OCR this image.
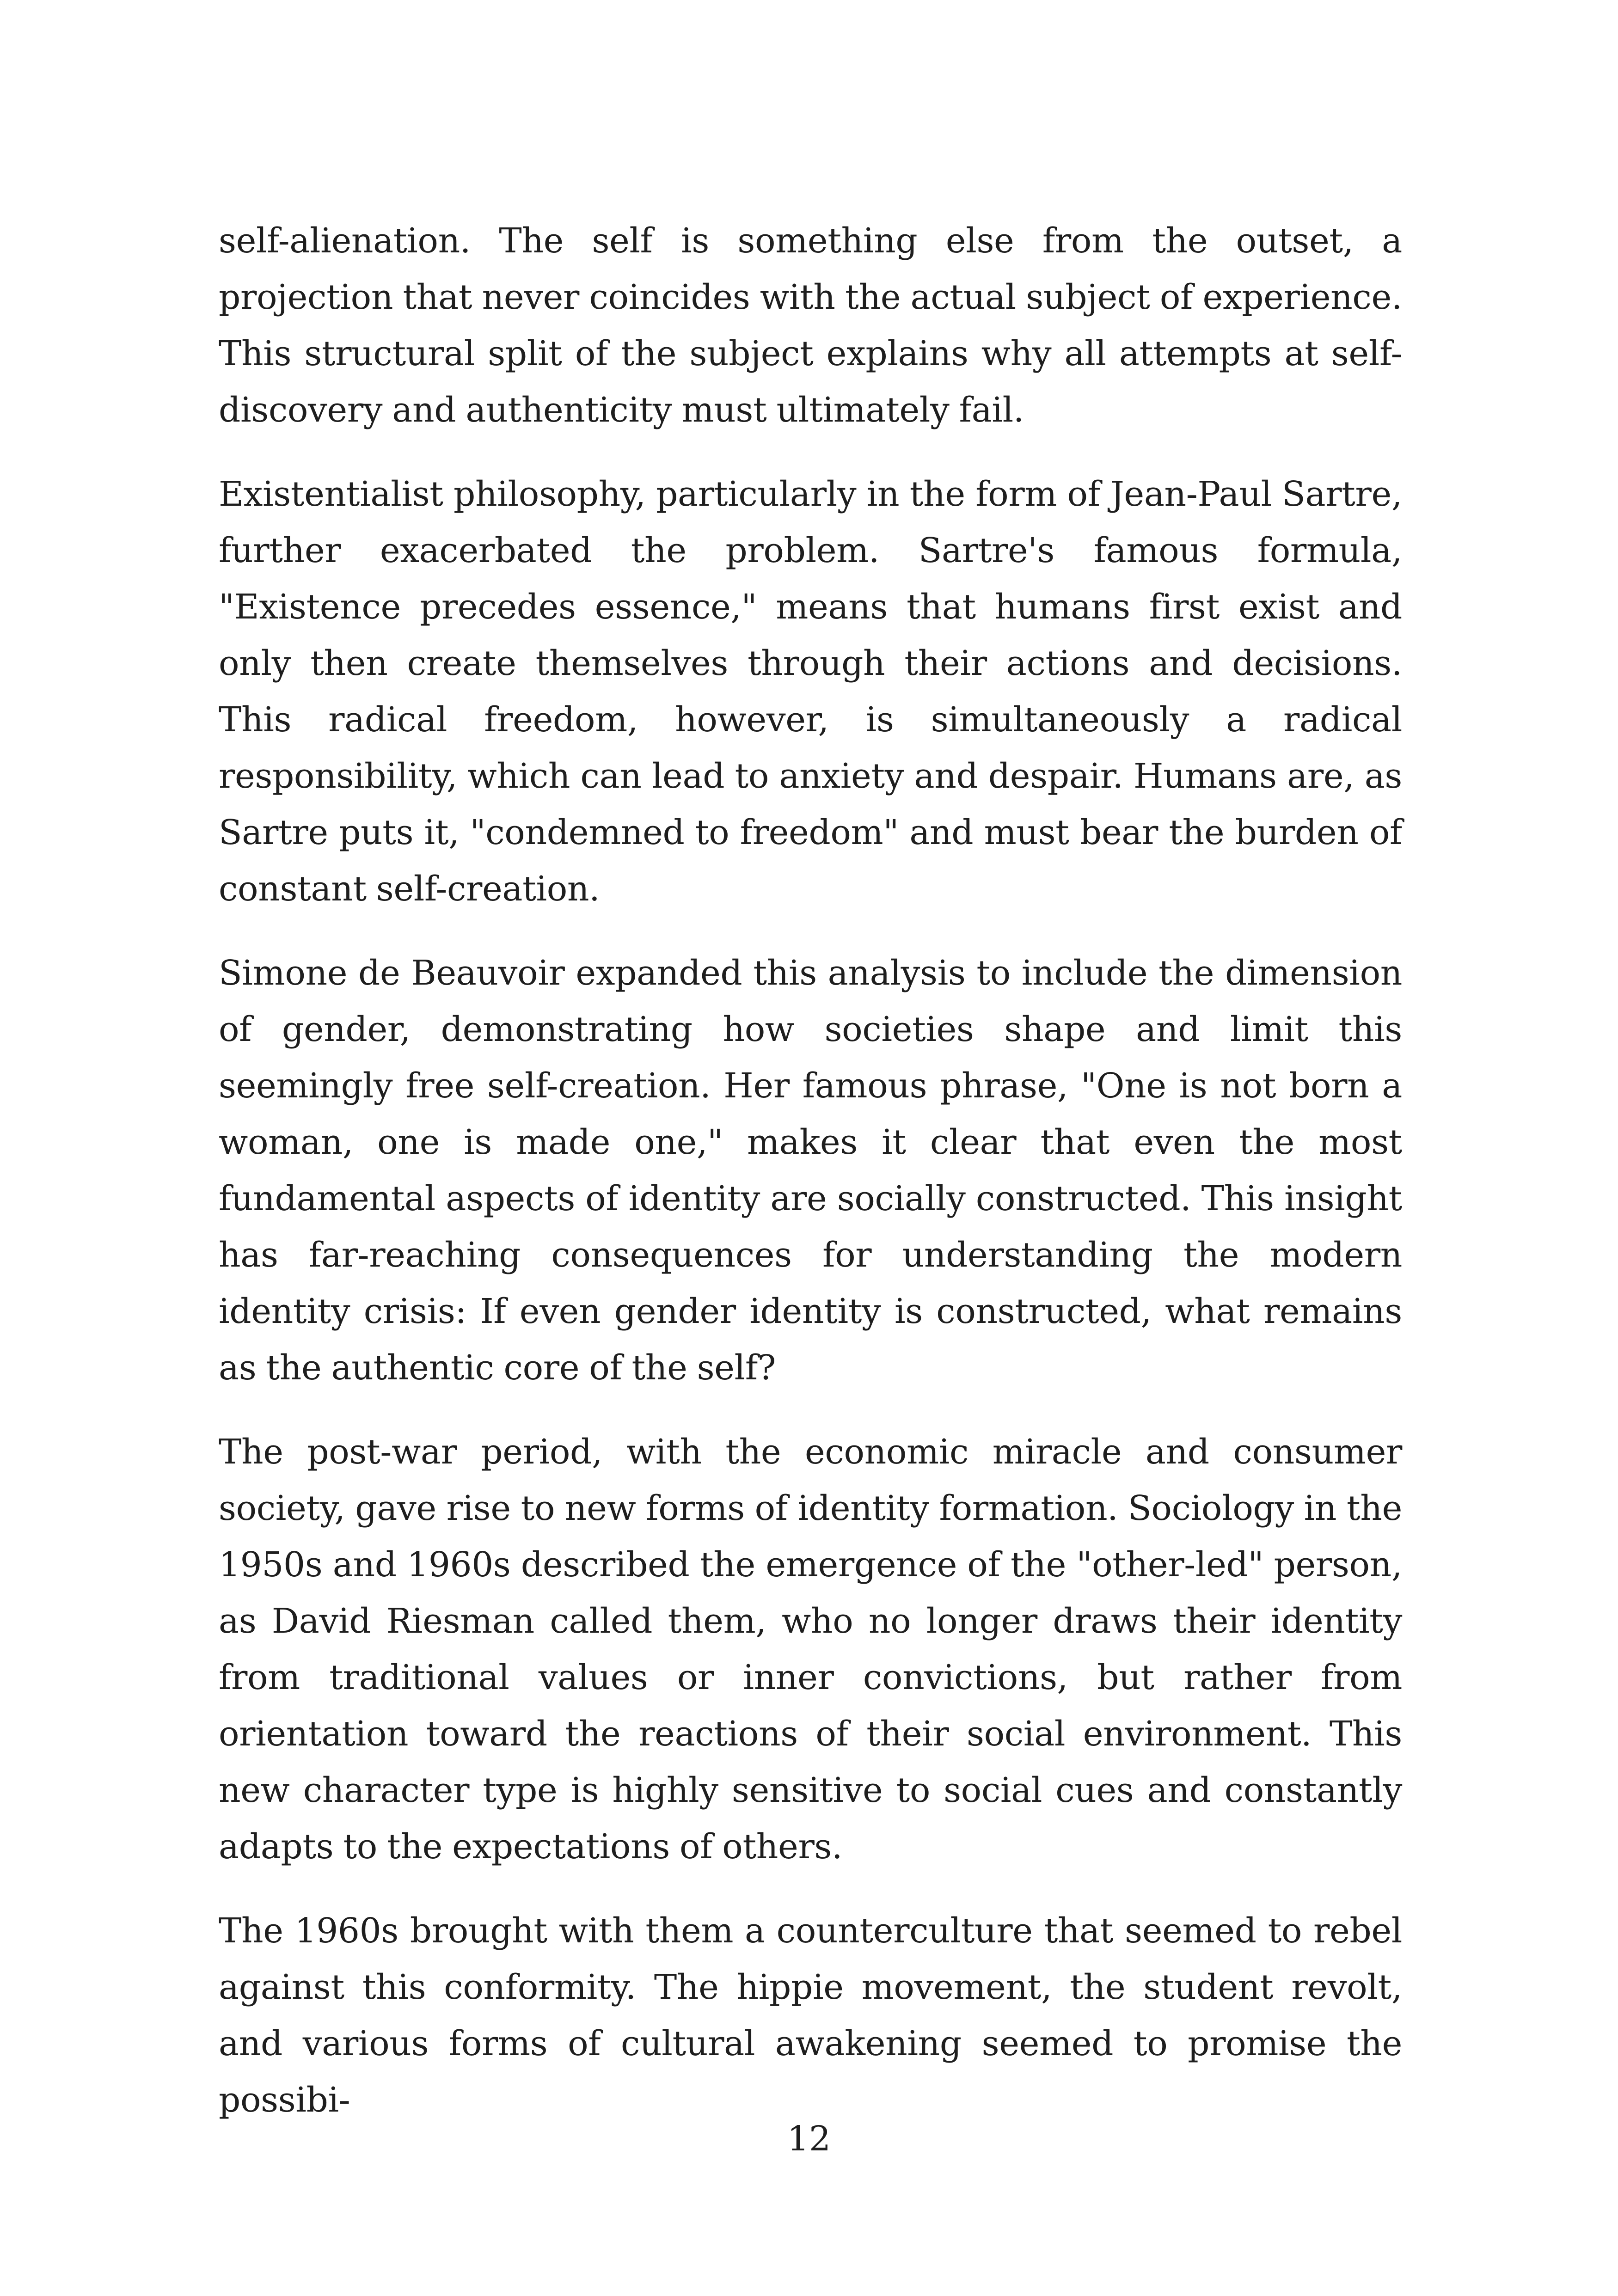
self-alienation. The self is something else from the outset, a projection that never coincides with the actual subject of experience. This structural split of the subject explains why all attempts at self-discovery and authenticity must ultimately fail.

Existentialist philosophy, particularly in the form of Jean-Paul Sartre, further exacerbated the problem. Sartre's famous formula, "Existence precedes essence," means that humans first exist and only then create themselves through their actions and decisions. This radical freedom, however, is simultaneously a radical responsibility, which can lead to anxiety and despair. Humans are, as Sartre puts it, "condemned to freedom" and must bear the burden of constant self-creation.

Simone de Beauvoir expanded this analysis to include the dimension of gender, demonstrating how societies shape and limit this seemingly free self-creation. Her famous phrase, "One is not born a woman, one is made one," makes it clear that even the most fundamental aspects of identity are socially constructed. This insight has far-reaching consequences for understanding the modern identity crisis: If even gender identity is constructed, what remains as the authentic core of the self?

The post-war period, with the economic miracle and consumer society, gave rise to new forms of identity formation. Sociology in the 1950s and 1960s described the emergence of the "other-led" person, as David Riesman called them, who no longer draws their identity from traditional values or inner convictions, but rather from orientation toward the reactions of their social environment. This new character type is highly sensitive to social cues and constantly adapts to the expectations of others.

The 1960s brought with them a counterculture that seemed to rebel against this conformity. The hippie movement, the student revolt, and various forms of cultural awakening seemed to promise the possibi-

12
